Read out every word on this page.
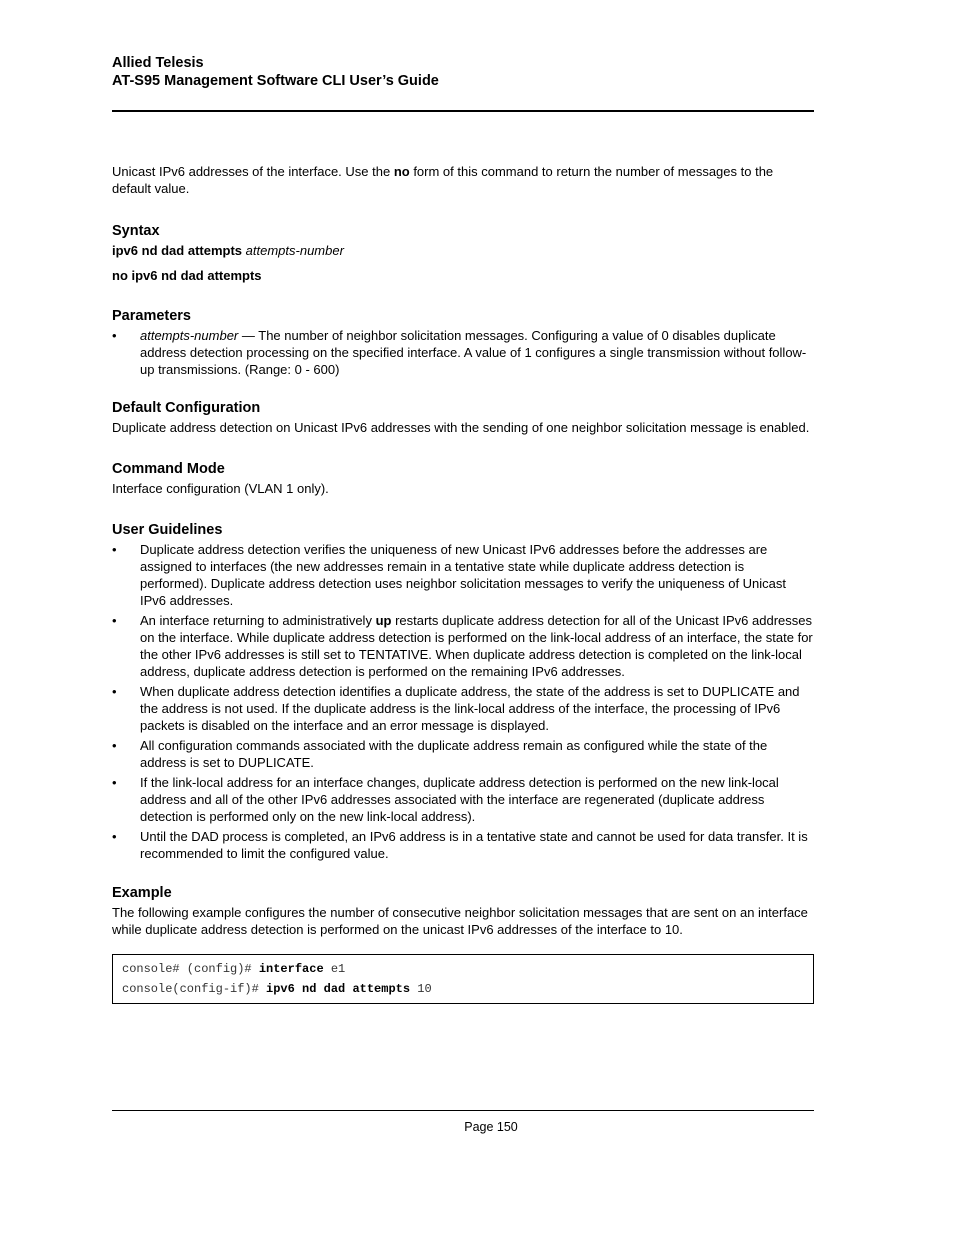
Allied Telesis
AT-S95 Management Software CLI User’s Guide

Unicast IPv6 addresses of the interface. Use the no form of this command to return the number of messages to the default value.

Syntax

ipv6 nd dad attempts attempts-number

no ipv6 nd dad attempts

Parameters
• attempts-number — The number of neighbor solicitation messages. Configuring a value of 0 disables duplicate address detection processing on the specified interface. A value of 1 configures a single transmission without follow-up transmissions. (Range: 0 - 600)
Default Configuration

Duplicate address detection on Unicast IPv6 addresses with the sending of one neighbor solicitation message is enabled.

Command Mode

Interface configuration (VLAN 1 only).

User Guidelines
• Duplicate address detection verifies the uniqueness of new Unicast IPv6 addresses before the addresses are assigned to interfaces (the new addresses remain in a tentative state while duplicate address detection is performed). Duplicate address detection uses neighbor solicitation messages to verify the uniqueness of Unicast IPv6 addresses.
• An interface returning to administratively up restarts duplicate address detection for all of the Unicast IPv6 addresses on the interface. While duplicate address detection is performed on the link-local address of an interface, the state for the other IPv6 addresses is still set to TENTATIVE. When duplicate address detection is completed on the link-local address, duplicate address detection is performed on the remaining IPv6 addresses.
• When duplicate address detection identifies a duplicate address, the state of the address is set to DUPLICATE and the address is not used. If the duplicate address is the link-local address of the interface, the processing of IPv6 packets is disabled on the interface and an error message is displayed.
• All configuration commands associated with the duplicate address remain as configured while the state of the address is set to DUPLICATE.
• If the link-local address for an interface changes, duplicate address detection is performed on the new link-local address and all of the other IPv6 addresses associated with the interface are regenerated (duplicate address detection is performed only on the new link-local address).
• Until the DAD process is completed, an IPv6 address is in a tentative state and cannot be used for data transfer. It is recommended to limit the configured value.
Example

The following example configures the number of consecutive neighbor solicitation messages that are sent on an interface while duplicate address detection is performed on the unicast IPv6 addresses of the interface to 10.

console# (config)# interface e1
console(config-if)# ipv6 nd dad attempts 10
Page 150
